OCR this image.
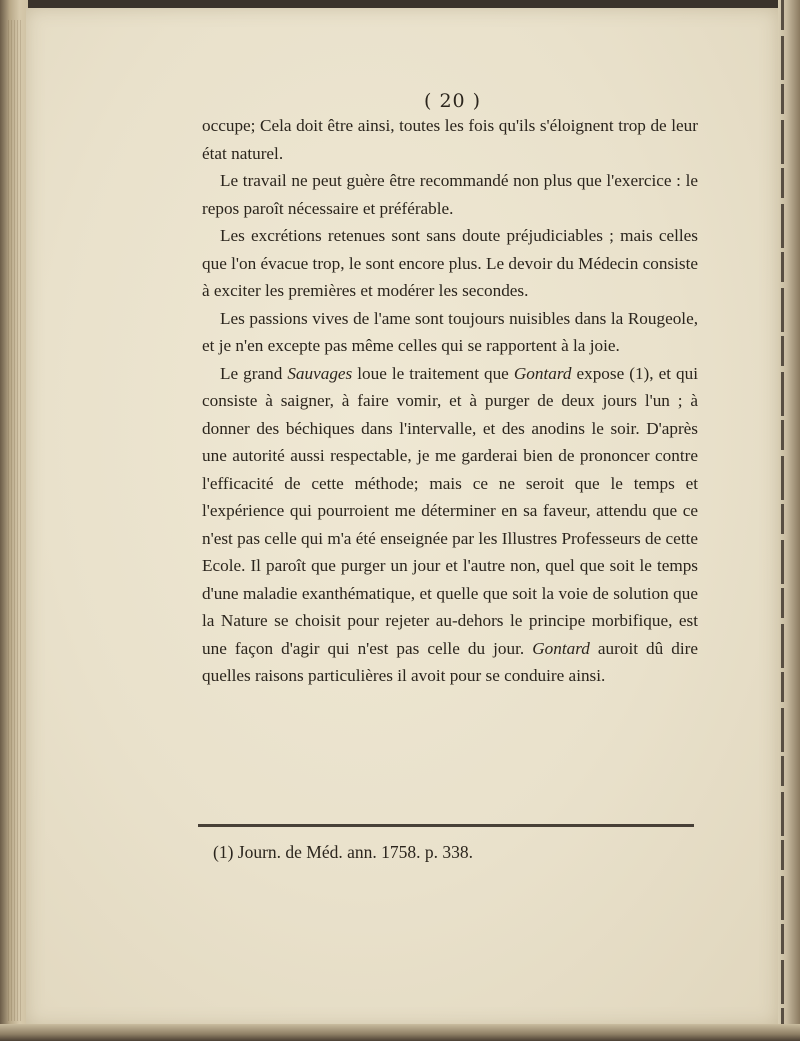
( 20 )

occupe; Cela doit être ainsi, toutes les fois qu'ils s'éloignent trop de leur état naturel.

Le travail ne peut guère être recommandé non plus que l'exercice : le repos paroît nécessaire et préférable.

Les excrétions retenues sont sans doute préjudiciables ; mais celles que l'on évacue trop, le sont encore plus. Le devoir du Médecin consiste à exciter les premières et modérer les secondes.

Les passions vives de l'ame sont toujours nuisibles dans la Rougeole, et je n'en excepte pas même celles qui se rapportent à la joie.

Le grand Sauvages loue le traitement que Gontard expose (1), et qui consiste à saigner, à faire vomir, et à purger de deux jours l'un ; à donner des béchiques dans l'intervalle, et des anodins le soir. D'après une autorité aussi respectable, je me garderai bien de prononcer contre l'efficacité de cette méthode; mais ce ne seroit que le temps et l'expérience qui pourroient me déterminer en sa faveur, attendu que ce n'est pas celle qui m'a été enseignée par les Illustres Professeurs de cette Ecole. Il paroît que purger un jour et l'autre non, quel que soit le temps d'une maladie exanthématique, et quelle que soit la voie de solution que la Nature se choisit pour rejeter au-dehors le principe morbifique, est une façon d'agir qui n'est pas celle du jour. Gontard auroit dû dire quelles raisons particulières il avoit pour se conduire ainsi.

(1) Journ. de Méd. ann. 1758. p. 338.
